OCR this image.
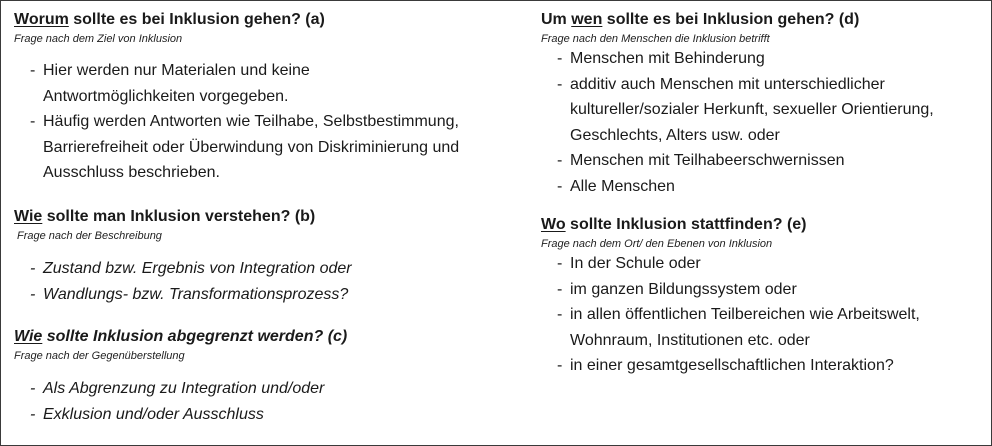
Worum sollte es bei Inklusion gehen? (a)

Frage nach dem Ziel von Inklusion

- Hier werden nur Materialen und keine
Antwortmöglichkeiten vorgegeben.
- Häufig werden Antworten wie Teilhabe, Selbstbestimmung,
Barrierefreiheit oder Überwindung von Diskriminierung und
Ausschluss beschrieben.
Wie sollte man Inklusion verstehen? (b)

Frage nach der Beschreibung

- Zustand bzw. Ergebnis von Integration oder
- Wandlungs- bzw. Transformationsprozess?
Wie sollte Inklusion abgegrenzt werden? (c)

Frage nach der Gegenüberstellung

- Als Abgrenzung zu Integration und/oder
- Exklusion und/oder Ausschluss
Um wen sollte es bei Inklusion gehen? (d)

Frage nach den Menschen die Inklusion betrifft

- Menschen mit Behinderung
- additiv auch Menschen mit unterschiedlicher
kultureller/sozialer Herkunft, sexueller Orientierung,
Geschlechts, Alters usw. oder
- Menschen mit Teilhabeerschwernissen
- Alle Menschen
Wo sollte Inklusion stattfinden? (e)

Frage nach dem Ort/ den Ebenen von Inklusion

- In der Schule oder
- im ganzen Bildungssystem oder
- in allen öffentlichen Teilbereichen wie Arbeitswelt,
Wohnraum, Institutionen etc. oder
- in einer gesamtgesellschaftlichen Interaktion?
